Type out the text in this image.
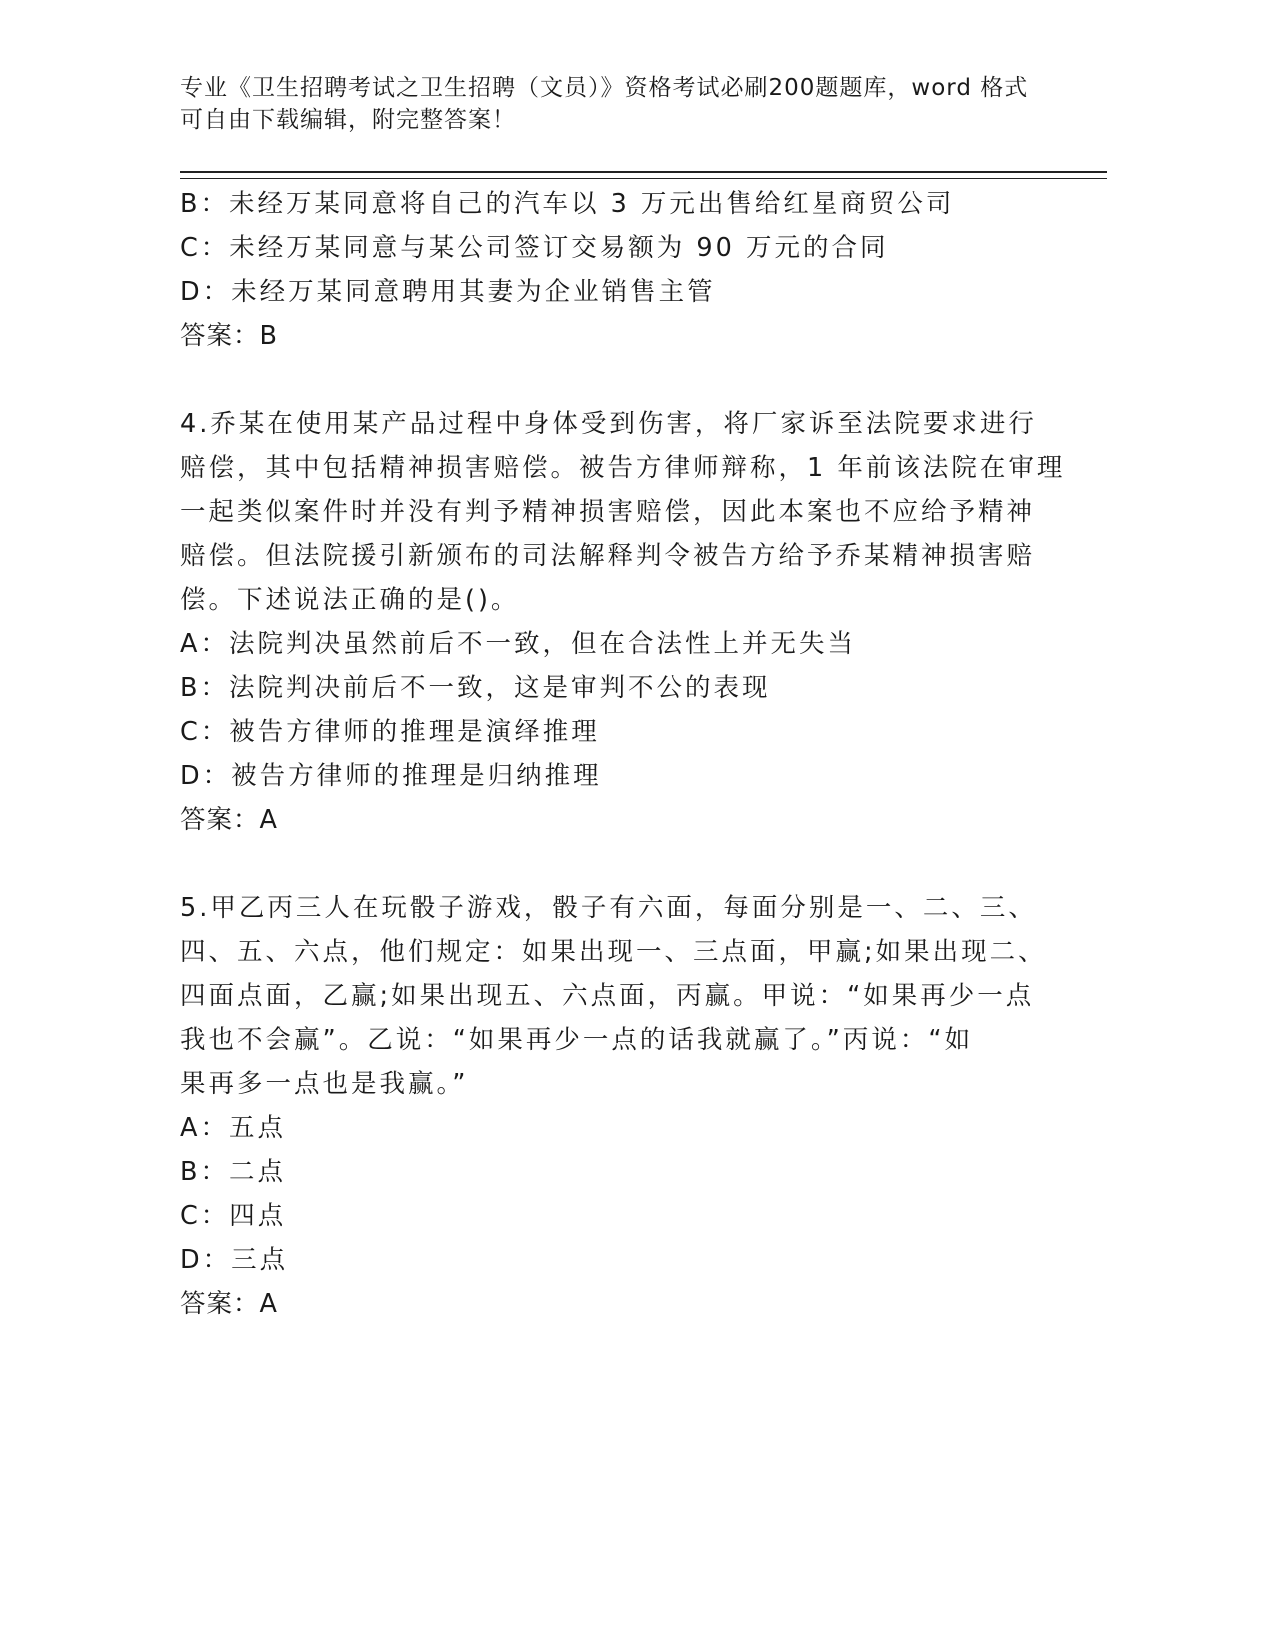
专业《卫生招聘考试之卫生招聘（文员）》资格考试必刷200题题库，word 格式
可自由下载编辑，附完整答案！
B：未经万某同意将自己的汽车以 3 万元出售给红星商贸公司
C：未经万某同意与某公司签订交易额为 90 万元的合同
D：未经万某同意聘用其妻为企业销售主管
答案：B
4.乔某在使用某产品过程中身体受到伤害，将厂家诉至法院要求进行
赔偿，其中包括精神损害赔偿。被告方律师辩称，1 年前该法院在审理
一起类似案件时并没有判予精神损害赔偿，因此本案也不应给予精神
赔偿。但法院援引新颁布的司法解释判令被告方给予乔某精神损害赔
偿。下述说法正确的是()。
A：法院判决虽然前后不一致，但在合法性上并无失当
B：法院判决前后不一致，这是审判不公的表现
C：被告方律师的推理是演绎推理
D：被告方律师的推理是归纳推理
答案：A
5.甲乙丙三人在玩骰子游戏，骰子有六面，每面分别是一、二、三、
四、五、六点，他们规定：如果出现一、三点面，甲赢;如果出现二、
四面点面，乙赢;如果出现五、六点面，丙赢。甲说：“如果再少一点
我也不会赢”。乙说：“如果再少一点的话我就赢了。”丙说：“如
果再多一点也是我赢。”
A：五点
B：二点
C：四点
D：三点
答案：A
